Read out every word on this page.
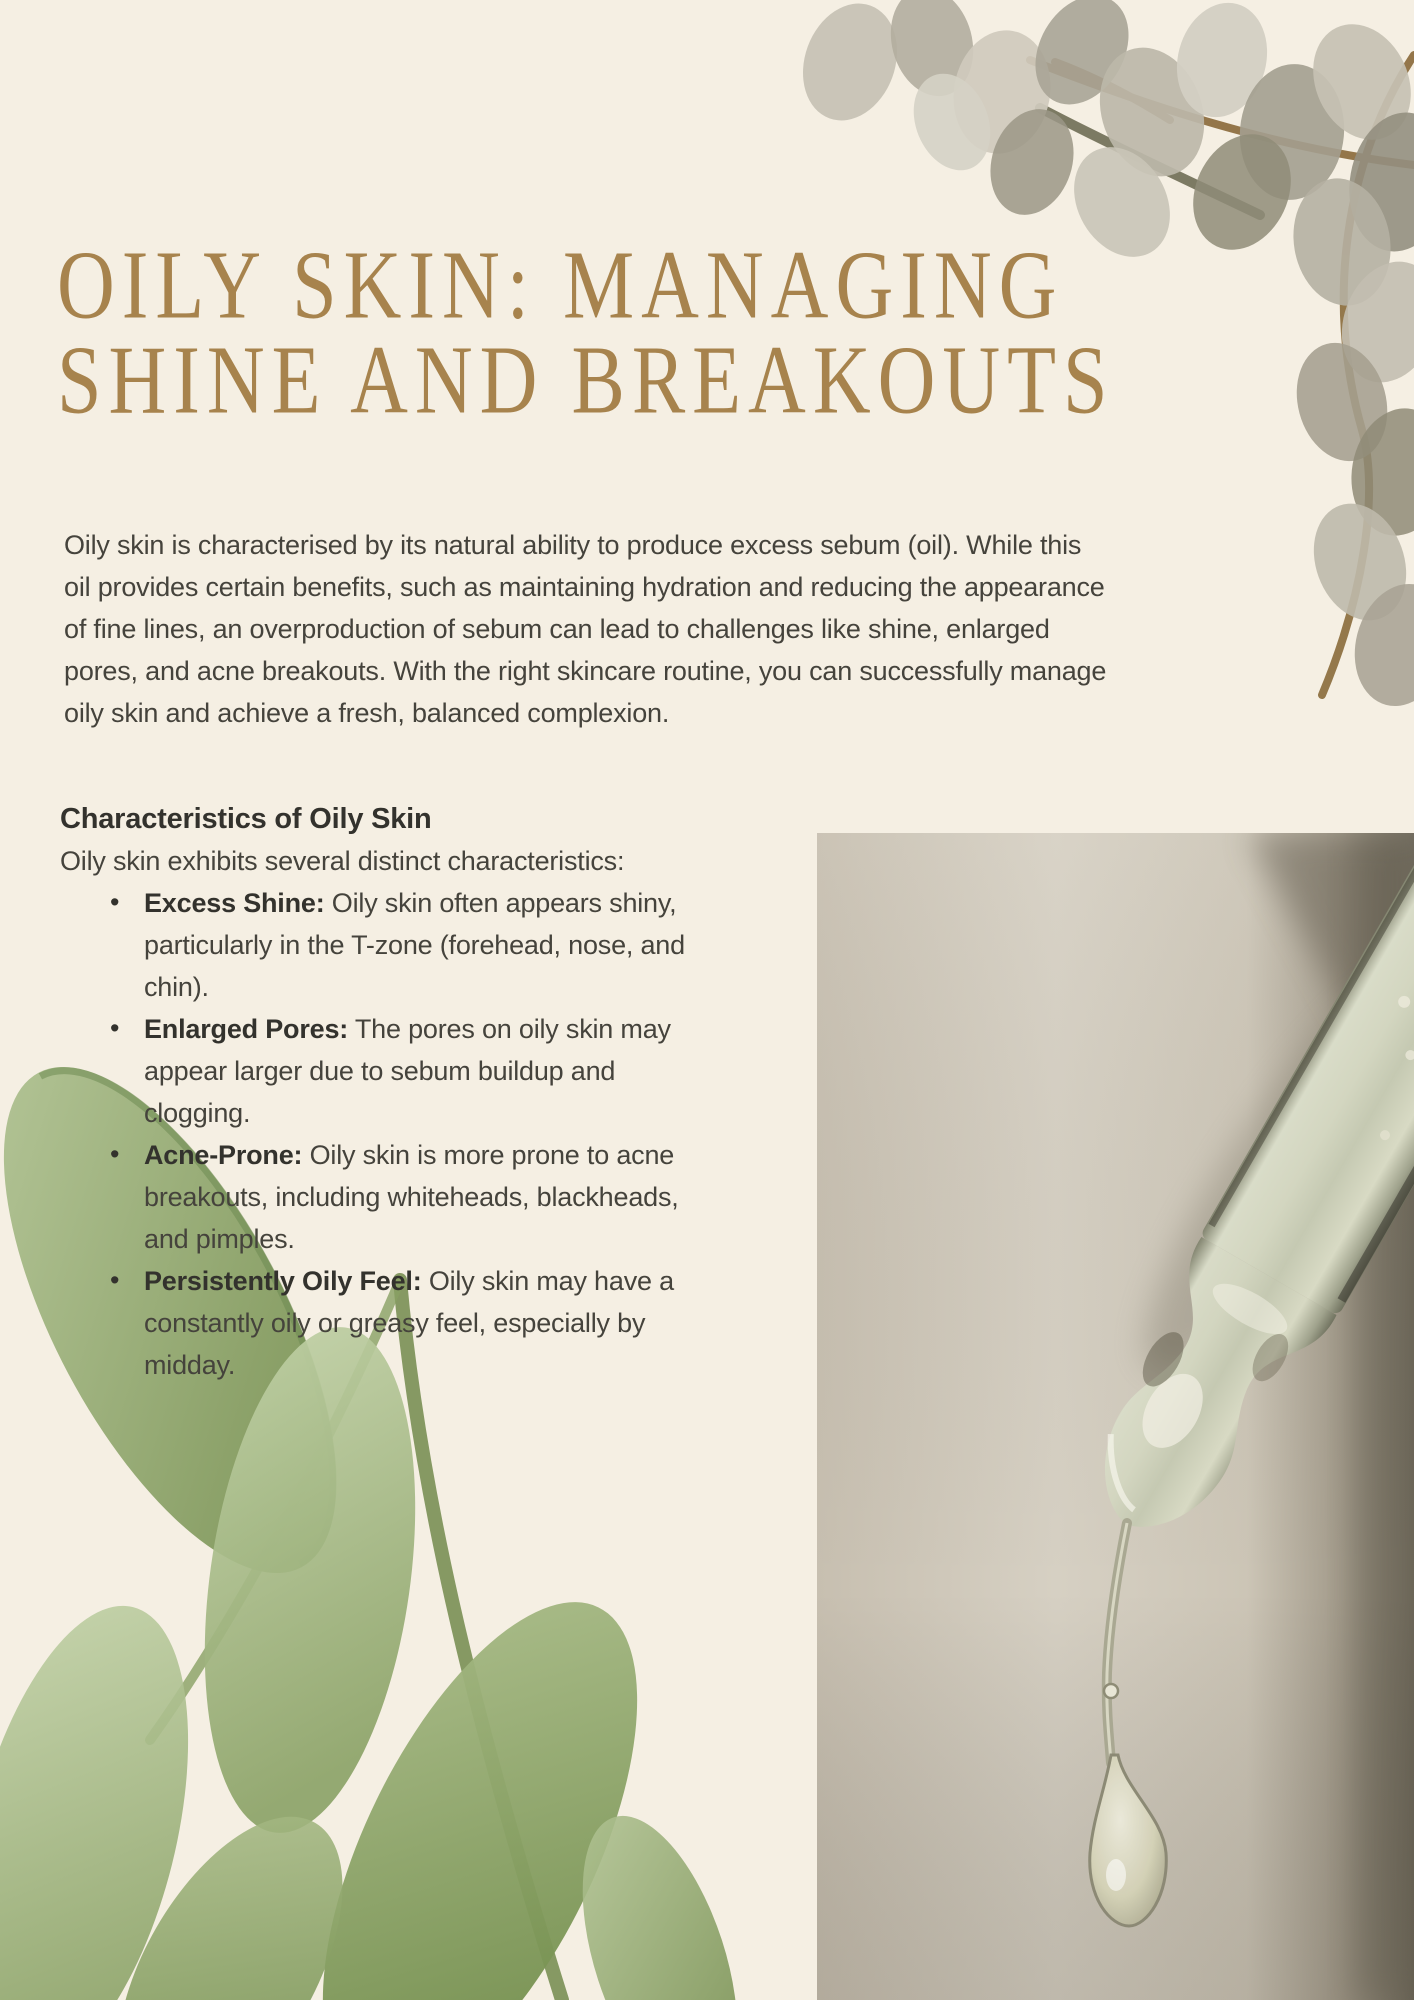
OILY SKIN: MANAGING
SHINE AND BREAKOUTS

Oily skin is characterised by its natural ability to produce excess sebum (oil). While this oil provides certain benefits, such as maintaining hydration and reducing the appearance of fine lines, an overproduction of sebum can lead to challenges like shine, enlarged pores, and acne breakouts. With the right skincare routine, you can successfully manage oily skin and achieve a fresh, balanced complexion.

Characteristics of Oily Skin

Oily skin exhibits several distinct characteristics:

• Excess Shine: Oily skin often appears shiny, particularly in the T-zone (forehead, nose, and chin).
• Enlarged Pores: The pores on oily skin may appear larger due to sebum buildup and clogging.
• Acne-Prone: Oily skin is more prone to acne breakouts, including whiteheads, blackheads, and pimples.
• Persistently Oily Feel: Oily skin may have a constantly oily or greasy feel, especially by midday.
